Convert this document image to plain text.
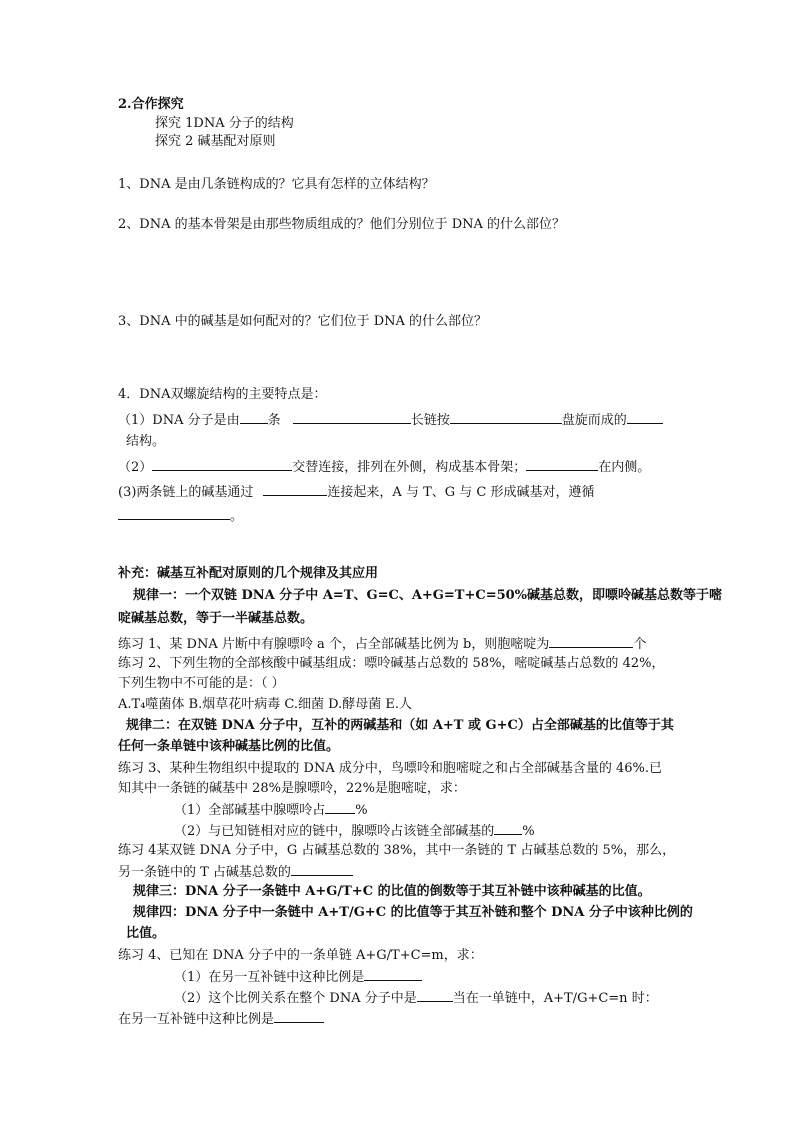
2.合作探究
探究 1DNA 分子的结构
探究 2 碱基配对原则
1、DNA 是由几条链构成的？它具有怎样的立体结构？
2、DNA 的基本骨架是由那些物质组成的？他们分别位于 DNA 的什么部位？
3、DNA 中的碱基是如何配对的？它们位于 DNA 的什么部位？
4．DNA双螺旋结构的主要特点是：
（1）DNA 分子是由 条	长链按	盘旋而成的
结构。
（2）	交替连接，排列在外侧，构成基本骨架；	在内侧。
(3)两条链上的碱基通过	连接起来，A 与 T、G 与 C 形成碱基对，遵循
。
补充：碱基互补配对原则的几个规律及其应用
规律一：一个双链 DNA 分子中 A=T、G=C、A+G=T+C=50%碱基总数，即嘌呤碱基总数等于嘧
啶碱基总数，等于一半碱基总数。
练习 1、某 DNA 片断中有腺嘌呤 a 个，占全部碱基比例为 b，则胞嘧啶为	个
练习 2、下列生物的全部核酸中碱基组成：嘌呤碱基占总数的 58%，嘧啶碱基占总数的 42%，
下列生物中不可能的是：（ ）
A.T₄噬菌体 B.烟草花叶病毒 C.细菌 D.酵母菌 E.人
规律二：在双链 DNA 分子中，互补的两碱基和（如 A+T 或 G+C）占全部碱基的比值等于其
任何一条单链中该种碱基比例的比值。
练习 3、某种生物组织中提取的 DNA 成分中，鸟嘌呤和胞嘧啶之和占全部碱基含量的 46%.已
知其中一条链的碱基中 28%是腺嘌呤，22%是胞嘧啶，求：
（1）全部碱基中腺嘌呤占 %
（2）与已知链相对应的链中，腺嘌呤占该链全部碱基的 %
练习 4某双链 DNA 分子中，G 占碱基总数的 38%，其中一条链的 T 占碱基总数的 5%，那么，
另一条链中的 T 占碱基总数的
规律三：DNA 分子一条链中 A+G/T+C 的比值的倒数等于其互补链中该种碱基的比值。
规律四：DNA 分子中一条链中 A+T/G+C 的比值等于其互补链和整个 DNA 分子中该种比例的
比值。
练习 4、已知在 DNA 分子中的一条单链 A+G/T+C=m，求：
（1）在另一互补链中这种比例是
（2）这个比例关系在整个 DNA 分子中是	当在一单链中，A+T/G+C=n 时：
在另一互补链中这种比例是
